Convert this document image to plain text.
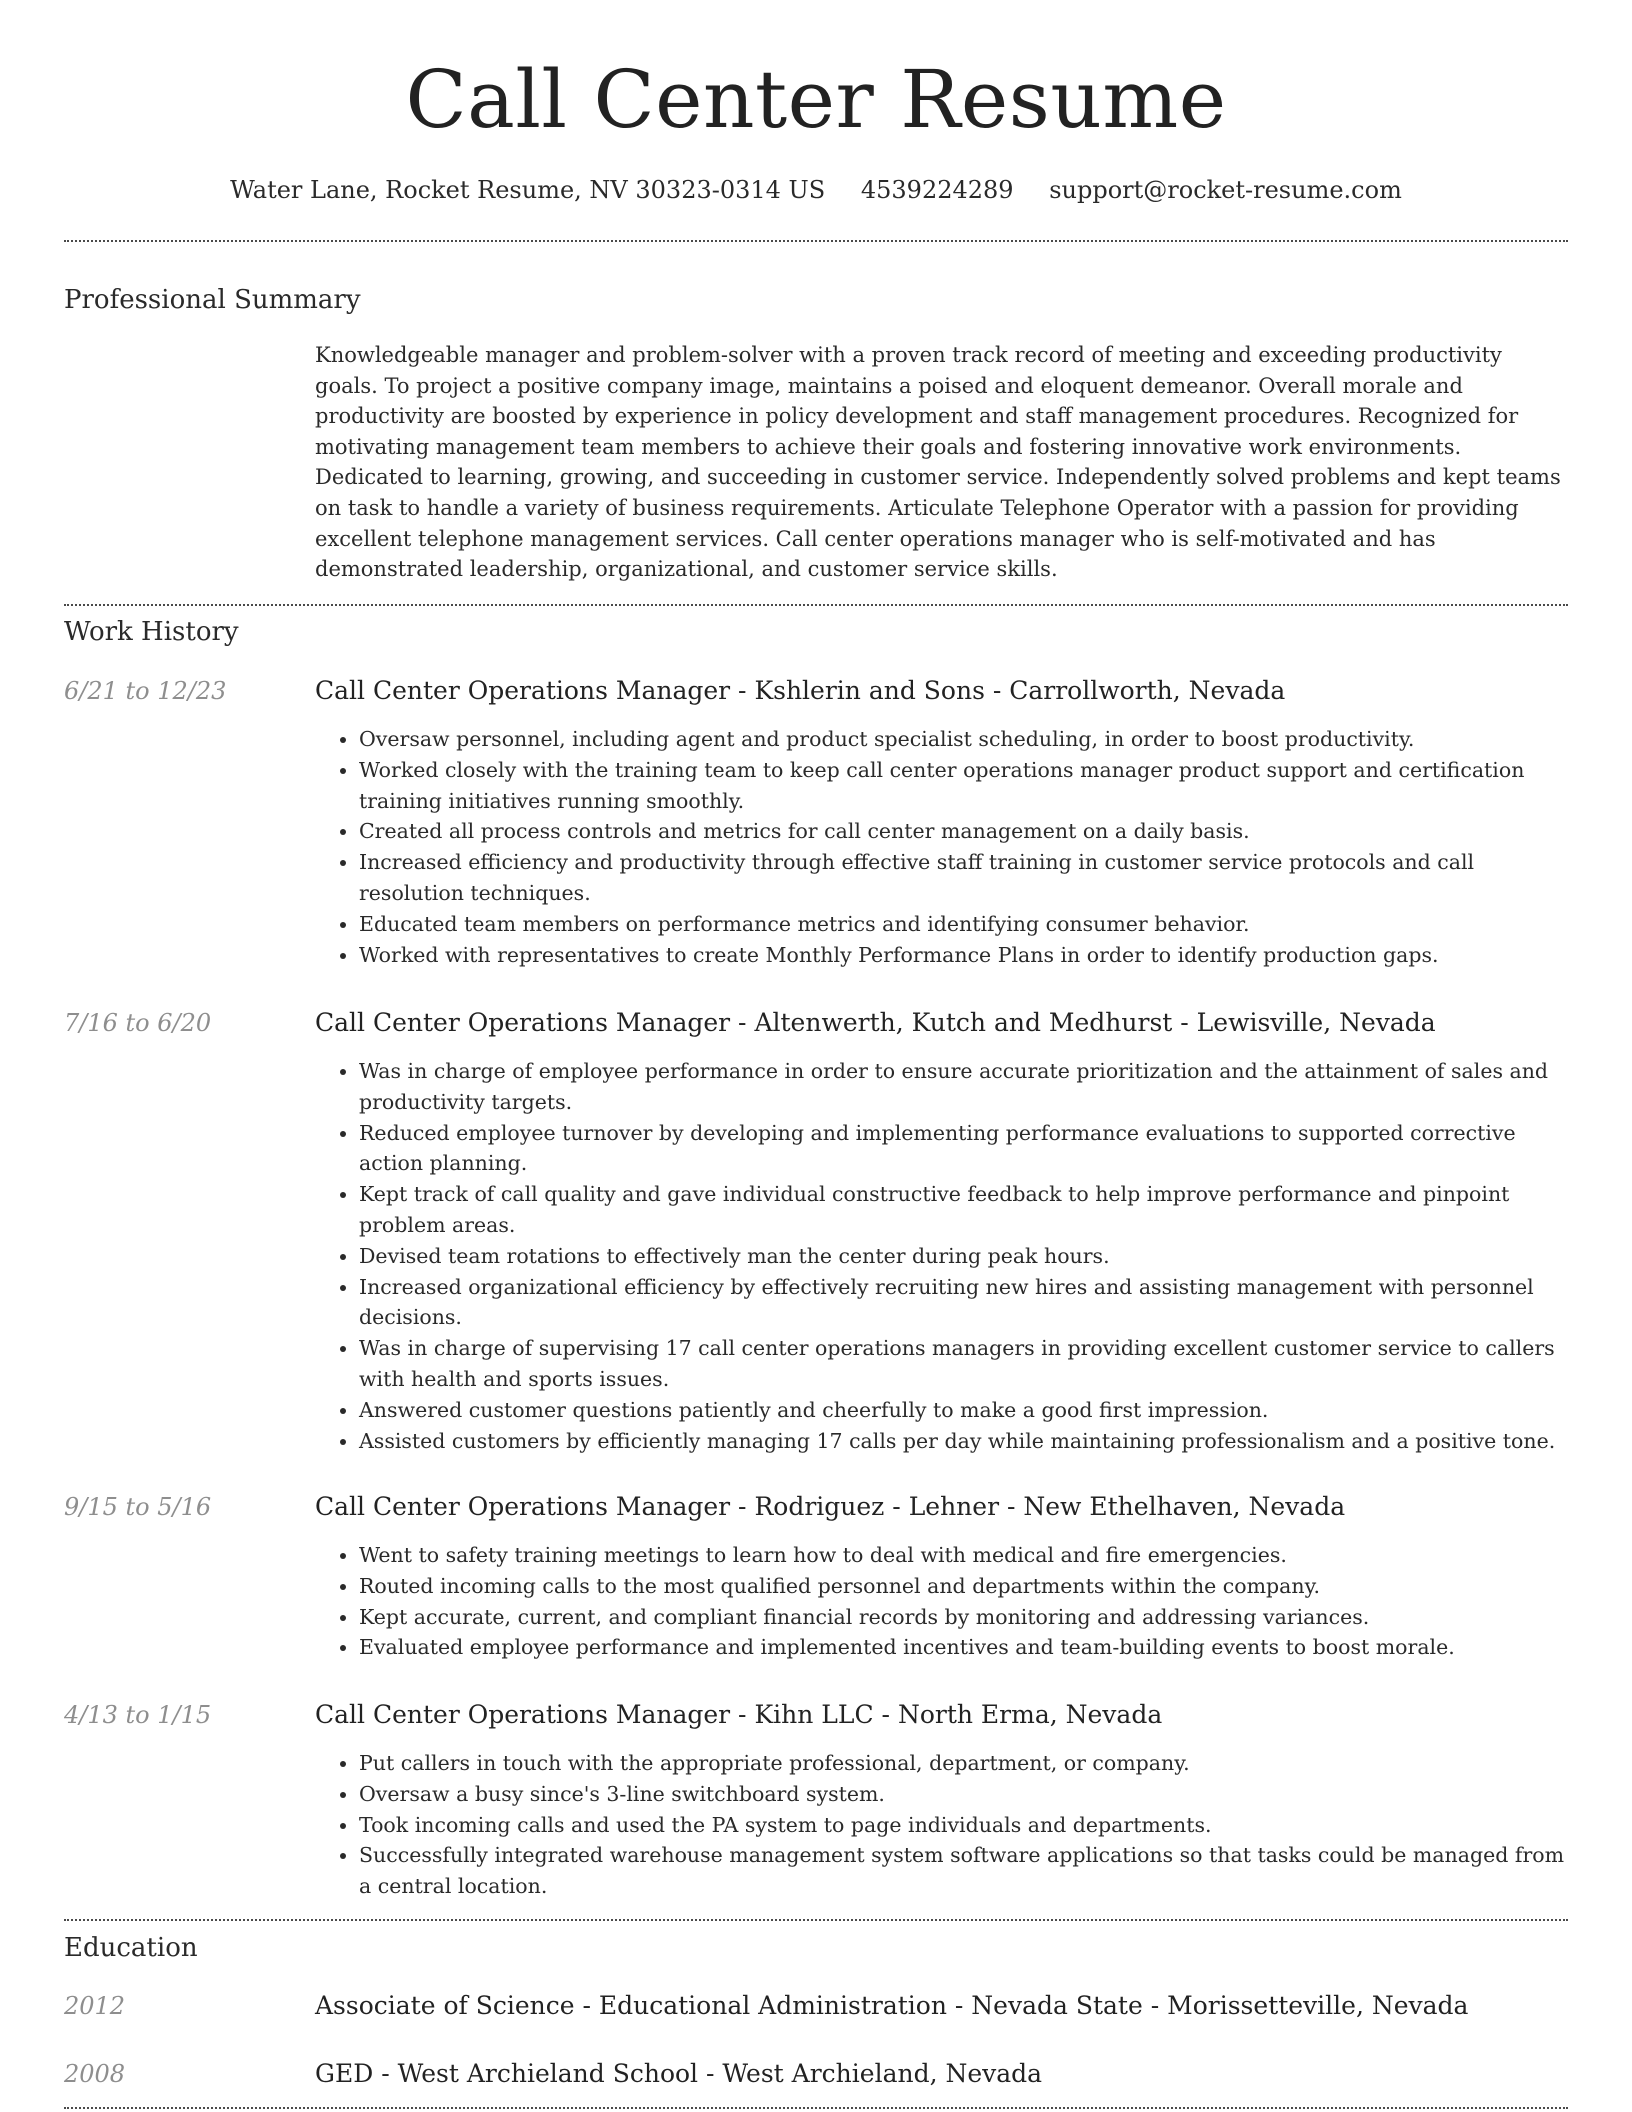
Call Center Resume
Water Lane, Rocket Resume, NV 30323-0314 US 4539224289 support@rocket-resume.com
Professional Summary

Knowledgeable manager and problem-solver with a proven track record of meeting and exceeding productivity goals. To project a positive company image, maintains a poised and eloquent demeanor. Overall morale and productivity are boosted by experience in policy development and staff management procedures. Recognized for motivating management team members to achieve their goals and fostering innovative work environments. Dedicated to learning, growing, and succeeding in customer service. Independently solved problems and kept teams on task to handle a variety of business requirements. Articulate Telephone Operator with a passion for providing excellent telephone management services. Call center operations manager who is self-motivated and has demonstrated leadership, organizational, and customer service skills.

Work History
6/21 to 12/23	Call Center Operations Manager - Kshlerin and Sons - Carrollworth, Nevada
• Oversaw personnel, including agent and product specialist scheduling, in order to boost productivity.
• Worked closely with the training team to keep call center operations manager product support and certification training initiatives running smoothly.
• Created all process controls and metrics for call center management on a daily basis.
• Increased efficiency and productivity through effective staff training in customer service protocols and call resolution techniques.
• Educated team members on performance metrics and identifying consumer behavior.
• Worked with representatives to create Monthly Performance Plans in order to identify production gaps.
7/16 to 6/20	Call Center Operations Manager - Altenwerth, Kutch and Medhurst - Lewisville, Nevada
• Was in charge of employee performance in order to ensure accurate prioritization and the attainment of sales and productivity targets.
• Reduced employee turnover by developing and implementing performance evaluations to supported corrective action planning.
• Kept track of call quality and gave individual constructive feedback to help improve performance and pinpoint problem areas.
• Devised team rotations to effectively man the center during peak hours.
• Increased organizational efficiency by effectively recruiting new hires and assisting management with personnel decisions.
• Was in charge of supervising 17 call center operations managers in providing excellent customer service to callers with health and sports issues.
• Answered customer questions patiently and cheerfully to make a good first impression.
• Assisted customers by efficiently managing 17 calls per day while maintaining professionalism and a positive tone.
9/15 to 5/16	Call Center Operations Manager - Rodriguez - Lehner - New Ethelhaven, Nevada
• Went to safety training meetings to learn how to deal with medical and fire emergencies.
• Routed incoming calls to the most qualified personnel and departments within the company.
• Kept accurate, current, and compliant financial records by monitoring and addressing variances.
• Evaluated employee performance and implemented incentives and team-building events to boost morale.
4/13 to 1/15	Call Center Operations Manager - Kihn LLC - North Erma, Nevada
• Put callers in touch with the appropriate professional, department, or company.
• Oversaw a busy since's 3-line switchboard system.
• Took incoming calls and used the PA system to page individuals and departments.
• Successfully integrated warehouse management system software applications so that tasks could be managed from a central location.
Education
2012	Associate of Science - Educational Administration - Nevada State - Morissetteville, Nevada
2008	GED - West Archieland School - West Archieland, Nevada
